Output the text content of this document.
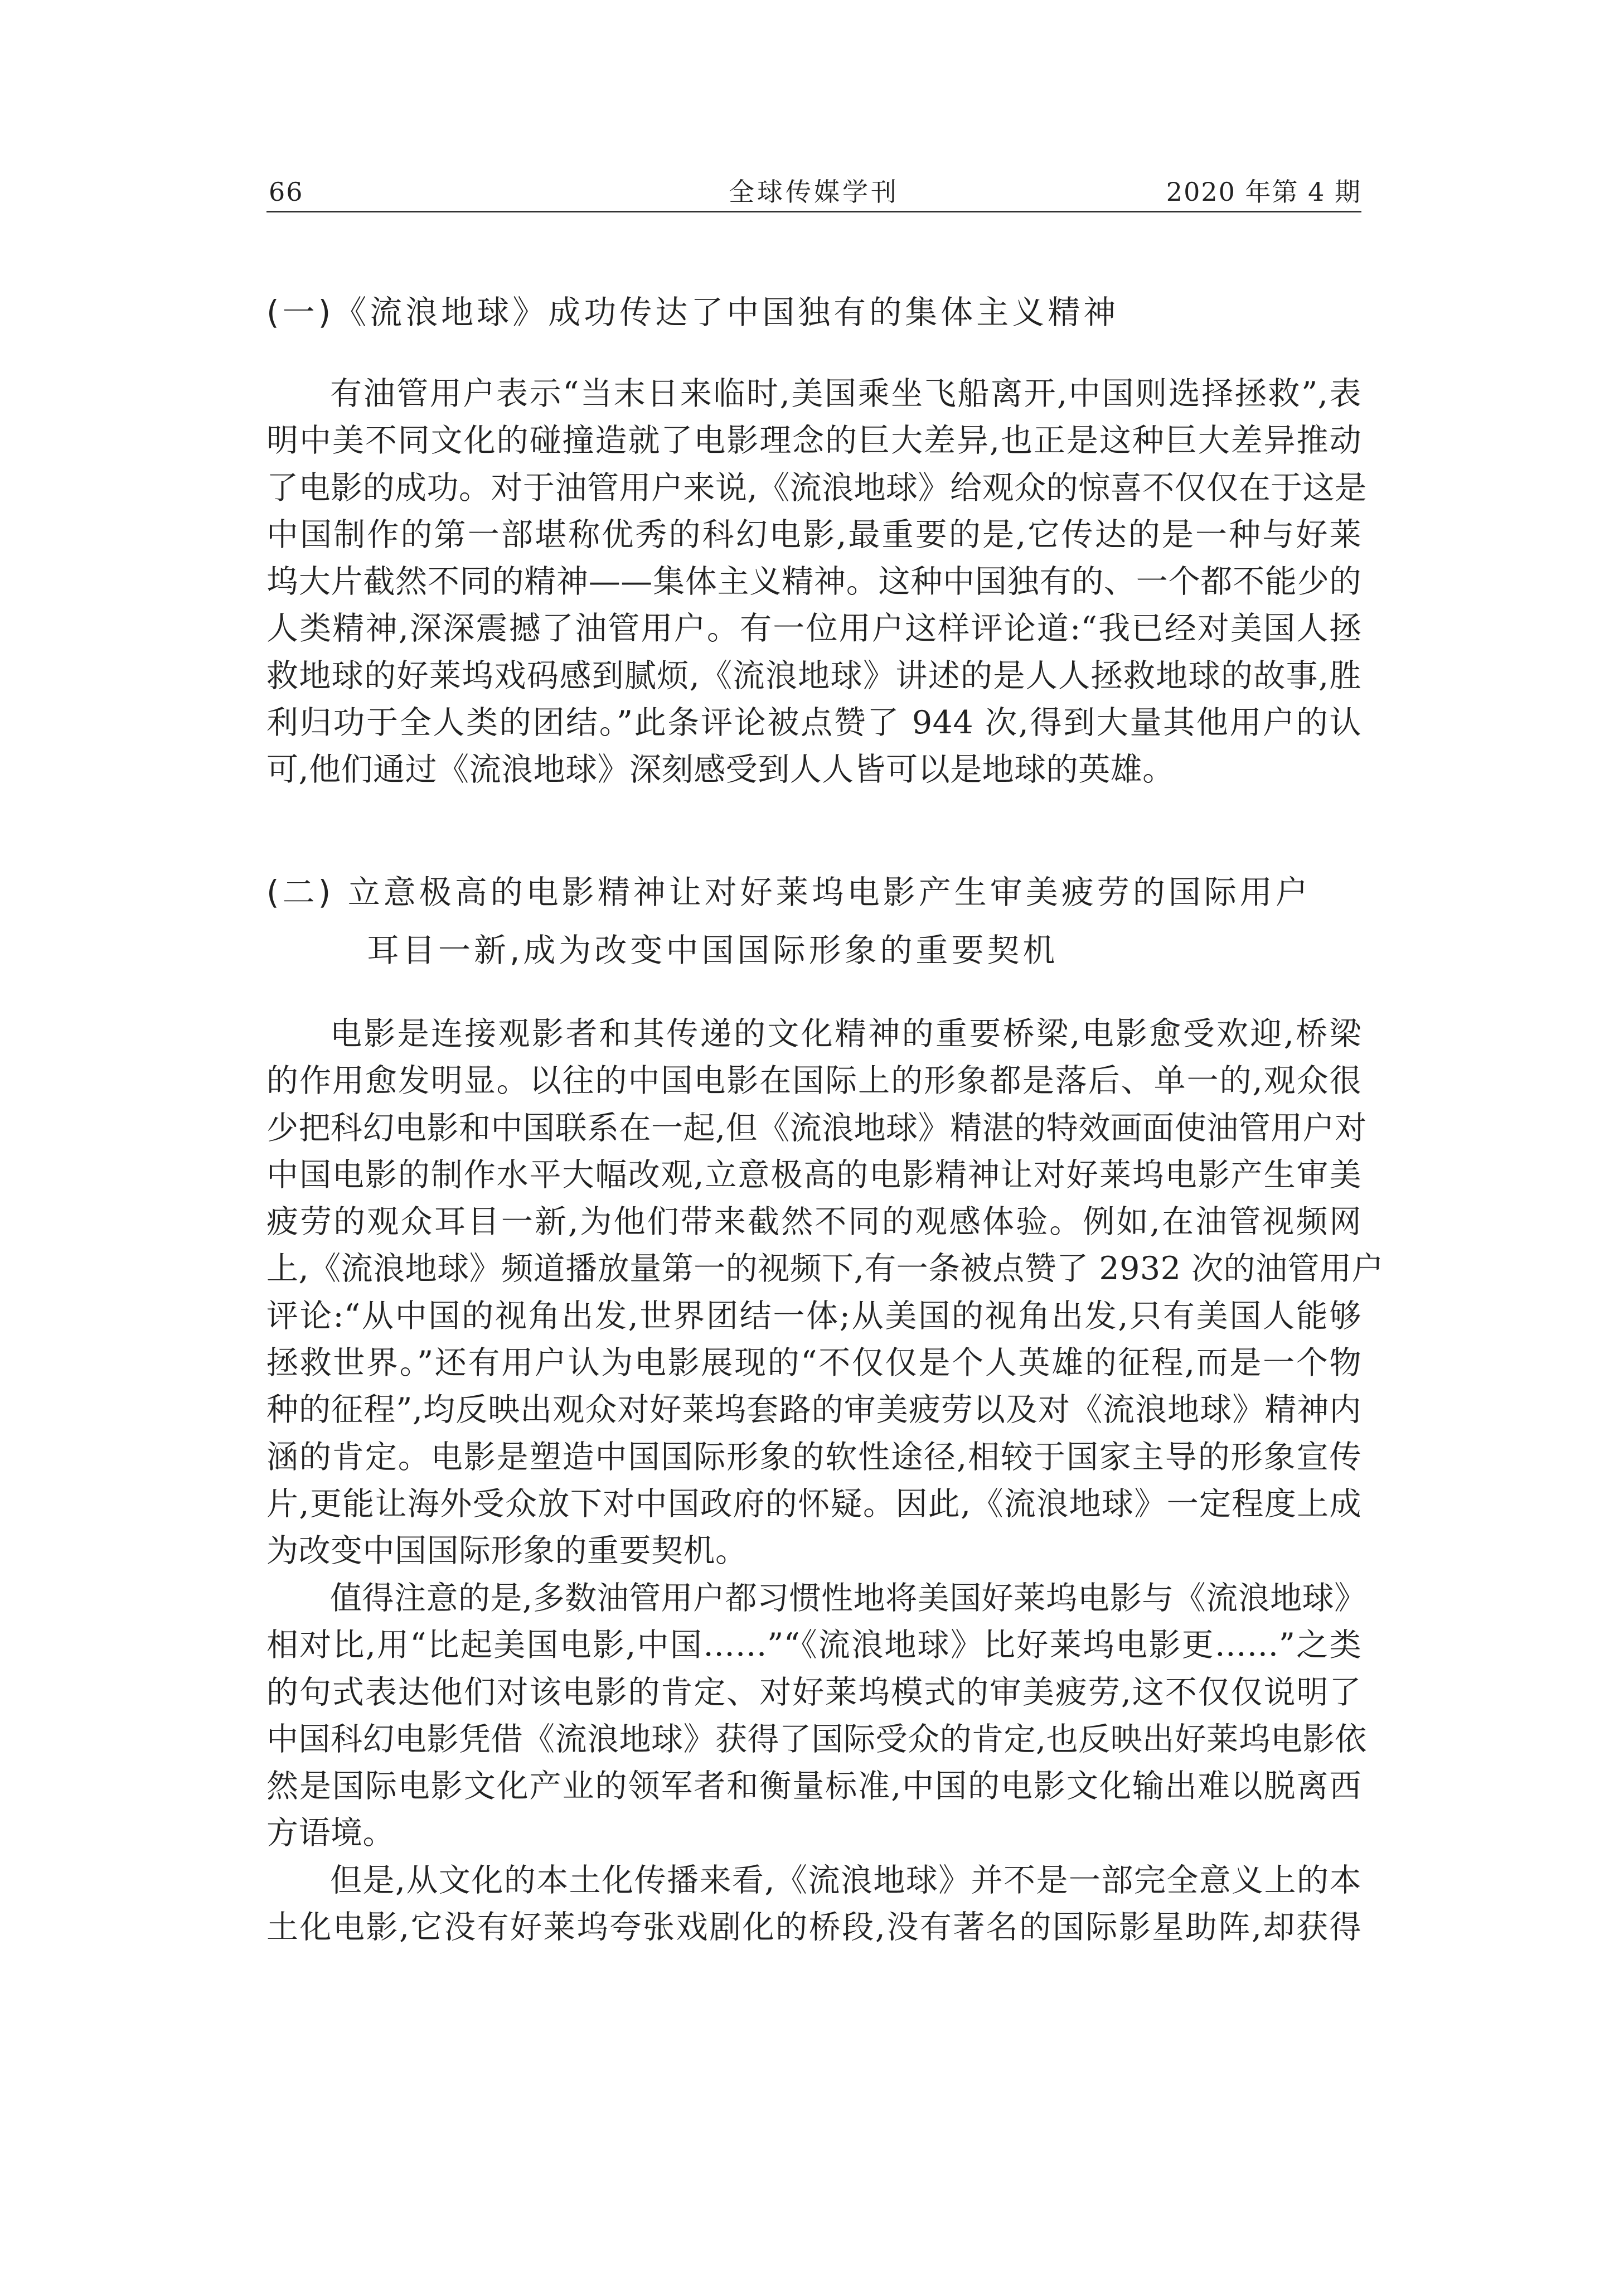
66	全球传媒学刊	2020 年第 4 期
(一)《流浪地球》成功传达了中国独有的集体主义精神

有油管用户表示“当末日来临时,美国乘坐飞船离开,中国则选择拯救”,表
明中美不同文化的碰撞造就了电影理念的巨大差异,也正是这种巨大差异推动
了电影的成功。对于油管用户来说,《流浪地球》给观众的惊喜不仅仅在于这是
中国制作的第一部堪称优秀的科幻电影,最重要的是,它传达的是一种与好莱
坞大片截然不同的精神——集体主义精神。这种中国独有的、一个都不能少的
人类精神,深深震撼了油管用户。有一位用户这样评论道:“我已经对美国人拯
救地球的好莱坞戏码感到腻烦,《流浪地球》讲述的是人人拯救地球的故事,胜
利归功于全人类的团结。”此条评论被点赞了 944 次,得到大量其他用户的认
可,他们通过《流浪地球》深刻感受到人人皆可以是地球的英雄。

(二) 立意极高的电影精神让对好莱坞电影产生审美疲劳的国际用户
耳目一新,成为改变中国国际形象的重要契机

电影是连接观影者和其传递的文化精神的重要桥梁,电影愈受欢迎,桥梁
的作用愈发明显。以往的中国电影在国际上的形象都是落后、单一的,观众很
少把科幻电影和中国联系在一起,但《流浪地球》精湛的特效画面使油管用户对
中国电影的制作水平大幅改观,立意极高的电影精神让对好莱坞电影产生审美
疲劳的观众耳目一新,为他们带来截然不同的观感体验。例如,在油管视频网
上,《流浪地球》频道播放量第一的视频下,有一条被点赞了 2932 次的油管用户
评论:“从中国的视角出发,世界团结一体;从美国的视角出发,只有美国人能够
拯救世界。”还有用户认为电影展现的“不仅仅是个人英雄的征程,而是一个物
种的征程”,均反映出观众对好莱坞套路的审美疲劳以及对《流浪地球》精神内
涵的肯定。电影是塑造中国国际形象的软性途径,相较于国家主导的形象宣传
片,更能让海外受众放下对中国政府的怀疑。因此,《流浪地球》一定程度上成
为改变中国国际形象的重要契机。

值得注意的是,多数油管用户都习惯性地将美国好莱坞电影与《流浪地球》
相对比,用“比起美国电影,中国……”“《流浪地球》比好莱坞电影更……”之类
的句式表达他们对该电影的肯定、对好莱坞模式的审美疲劳,这不仅仅说明了
中国科幻电影凭借《流浪地球》获得了国际受众的肯定,也反映出好莱坞电影依
然是国际电影文化产业的领军者和衡量标准,中国的电影文化输出难以脱离西
方语境。

但是,从文化的本土化传播来看,《流浪地球》并不是一部完全意义上的本
土化电影,它没有好莱坞夸张戏剧化的桥段,没有著名的国际影星助阵,却获得
